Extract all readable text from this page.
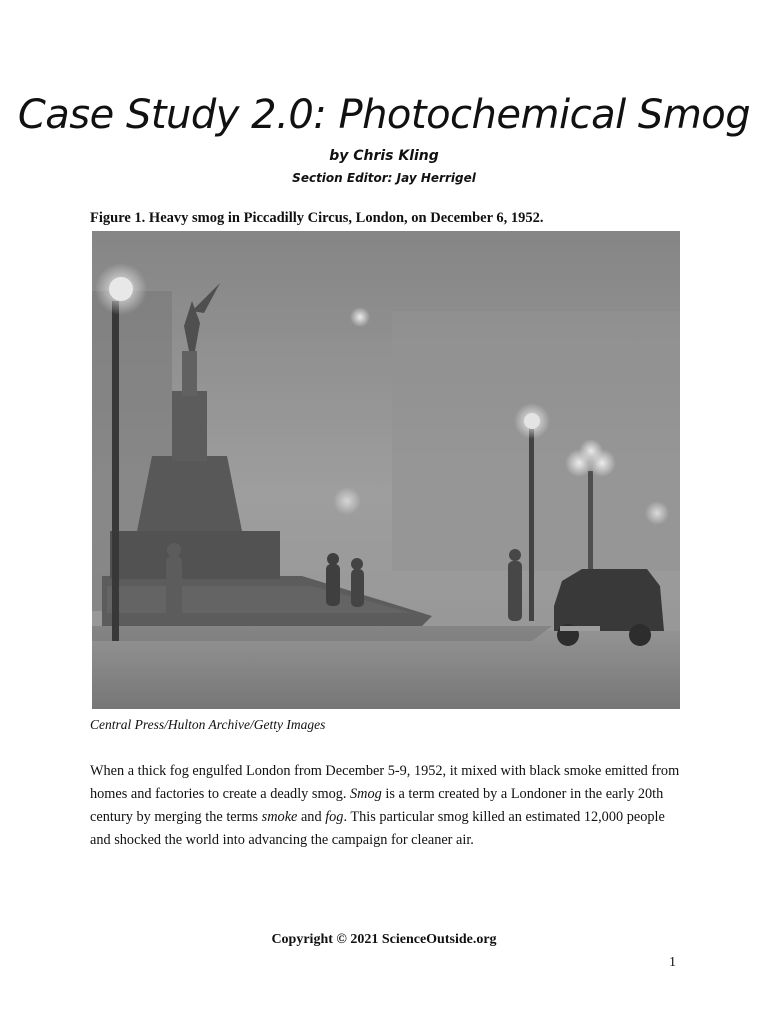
Case Study 2.0: Photochemical Smog
by Chris Kling
Section Editor: Jay Herrigel
Figure 1. Heavy smog in Piccadilly Circus, London, on December 6, 1952.
Central Press/Hulton Archive/Getty Images

When a thick fog engulfed London from December 5-9, 1952, it mixed with black smoke emitted from homes and factories to create a deadly smog. Smog is a term created by a Londoner in the early 20th century by merging the terms smoke and fog. This particular smog killed an estimated 12,000 people and shocked the world into advancing the campaign for cleaner air.

Copyright © 2021 ScienceOutside.org
1
